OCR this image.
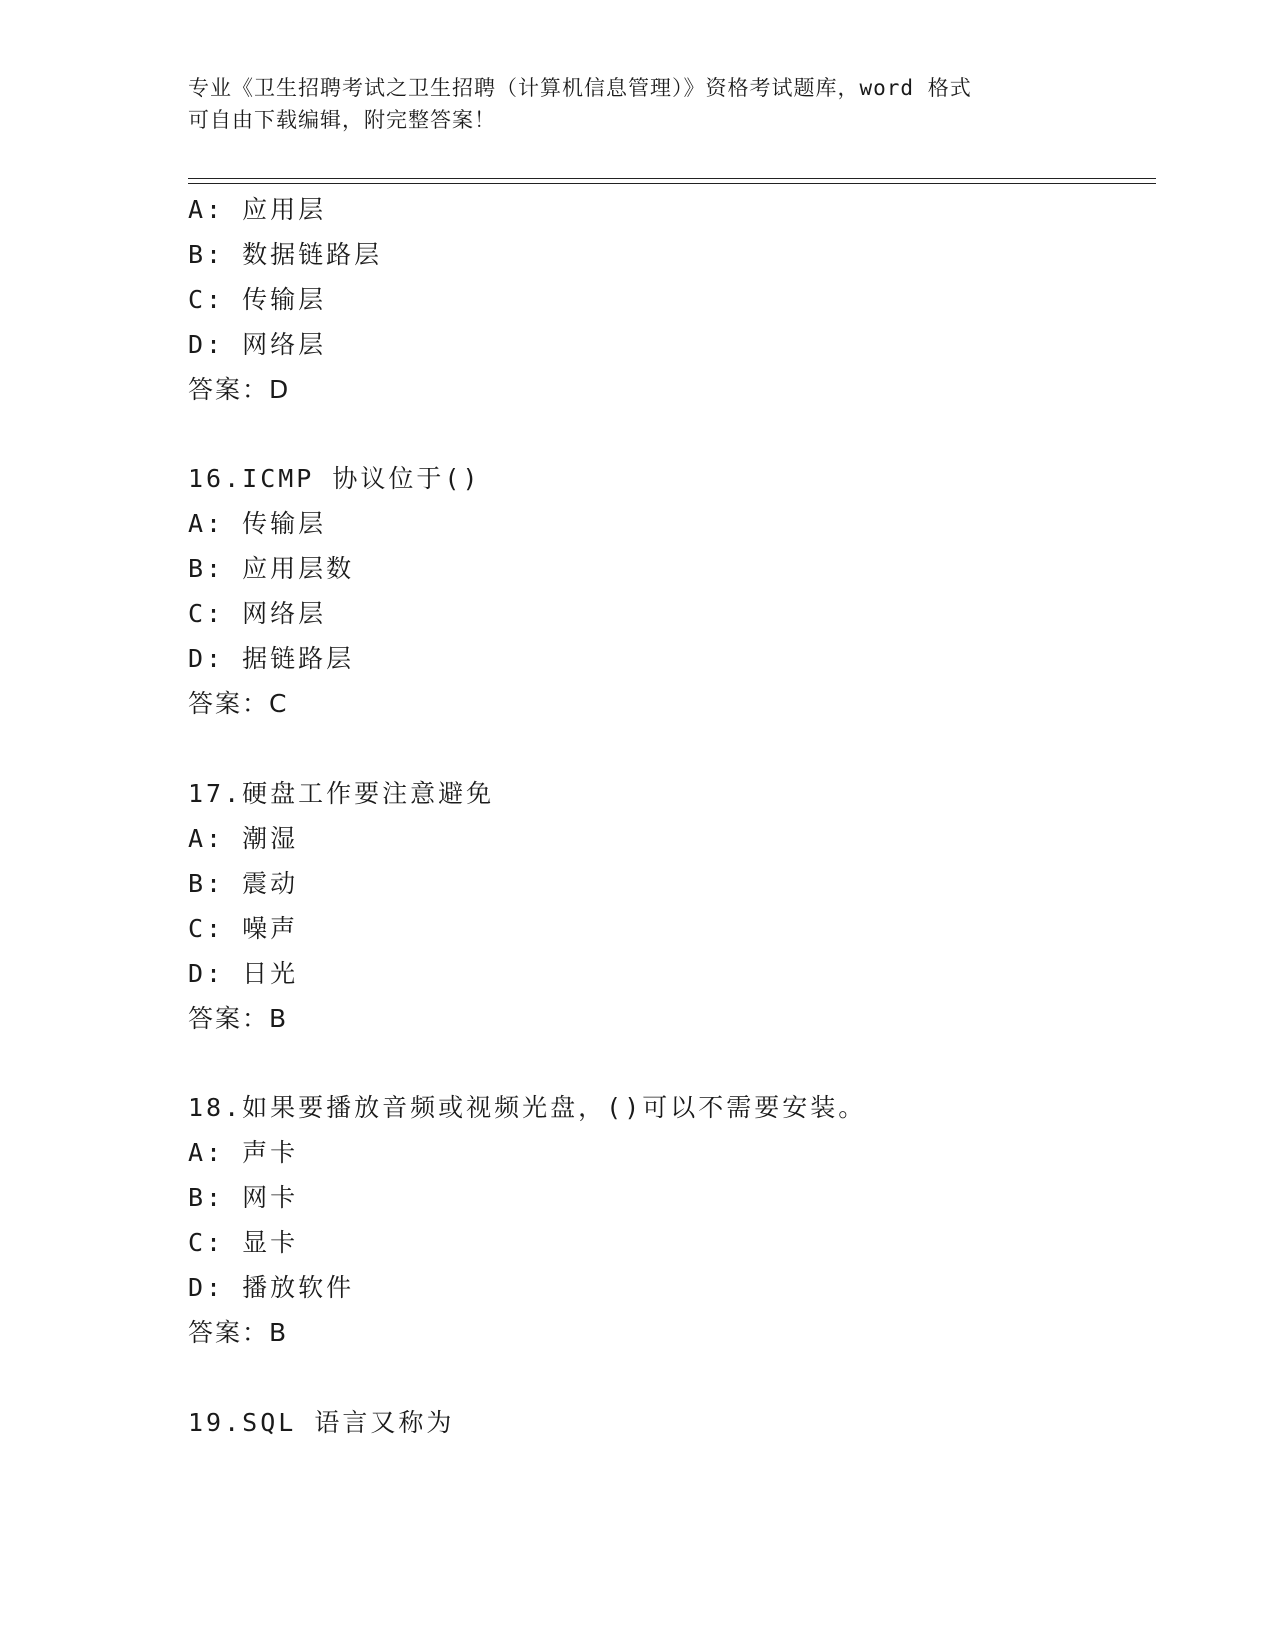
专业《卫生招聘考试之卫生招聘（计算机信息管理）》资格考试题库，word 格式
可自由下载编辑，附完整答案！
A: 应用层
B: 数据链路层
C: 传输层
D: 网络层
答案：D
16.ICMP 协议位于()
A: 传输层
B: 应用层数
C: 网络层
D: 据链路层
答案：C
17.硬盘工作要注意避免
A: 潮湿
B: 震动
C: 噪声
D: 日光
答案：B
18.如果要播放音频或视频光盘，()可以不需要安装。
A: 声卡
B: 网卡
C: 显卡
D: 播放软件
答案：B
19.SQL 语言又称为
